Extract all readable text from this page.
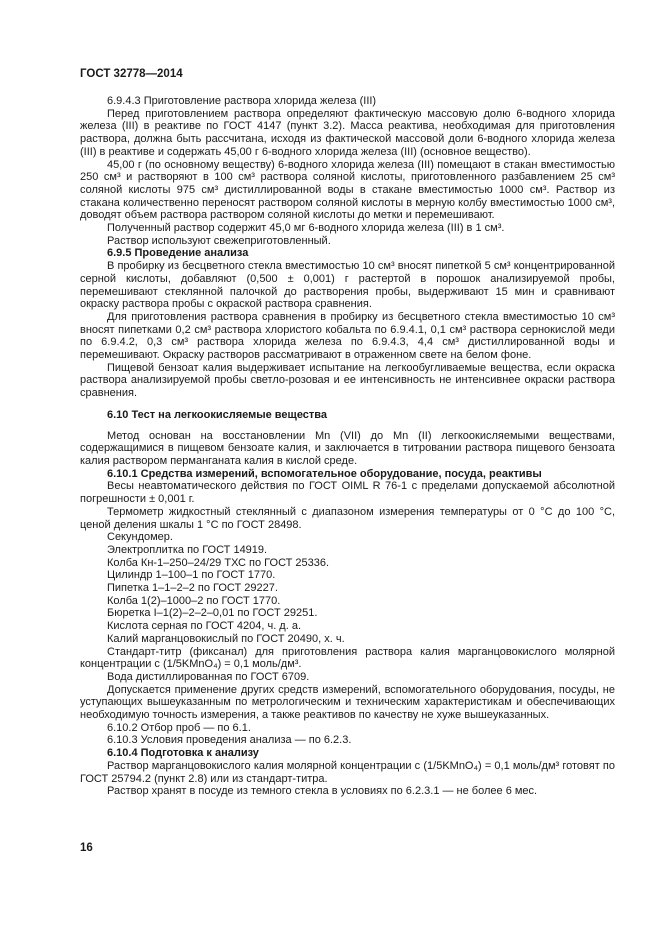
ГОСТ 32778—2014

6.9.4.3 Приготовление раствора хлорида железа (III)

Перед приготовлением раствора определяют фактическую массовую долю 6-водного хлорида железа (III) в реактиве по ГОСТ 4147 (пункт 3.2). Масса реактива, необходимая для приготовления раствора, должна быть рассчитана, исходя из фактической массовой доли 6-водного хлорида железа (III) в реактиве и содержать 45,00 г 6-водного хлорида железа (III) (основное вещество).

45,00 г (по основному веществу) 6-водного хлорида железа (III) помещают в стакан вместимостью 250 см³ и растворяют в 100 см³ раствора соляной кислоты, приготовленного разбавлением 25 см³ соляной кислоты 975 см³ дистиллированной воды в стакане вместимостью 1000 см³. Раствор из стакана количественно переносят раствором соляной кислоты в мерную колбу вместимостью 1000 см³, доводят объем раствора раствором соляной кислоты до метки и перемешивают.

Полученный раствор содержит 45,0 мг 6-водного хлорида железа (III) в 1 см³.

Раствор используют свежеприготовленный.

6.9.5 Проведение анализа

В пробирку из бесцветного стекла вместимостью 10 см³ вносят пипеткой 5 см³ концентрированной серной кислоты, добавляют (0,500 ± 0,001) г растертой в порошок анализируемой пробы, перемешивают стеклянной палочкой до растворения пробы, выдерживают 15 мин и сравнивают окраску раствора пробы с окраской раствора сравнения.

Для приготовления раствора сравнения в пробирку из бесцветного стекла вместимостью 10 см³ вносят пипетками 0,2 см³ раствора хлористого кобальта по 6.9.4.1, 0,1 см³ раствора сернокислой меди по 6.9.4.2, 0,3 см³ раствора хлорида железа по 6.9.4.3, 4,4 см³ дистиллированной воды и перемешивают. Окраску растворов рассматривают в отраженном свете на белом фоне.

Пищевой бензоат калия выдерживает испытание на легкообугливаемые вещества, если окраска раствора анализируемой пробы светло-розовая и ее интенсивность не интенсивнее окраски раствора сравнения.

6.10 Тест на легкоокисляемые вещества

Метод основан на восстановлении Mn (VII) до Mn (II) легкоокисляемыми веществами, содержащимися в пищевом бензоате калия, и заключается в титровании раствора пищевого бензоата калия раствором перманганата калия в кислой среде.

6.10.1 Средства измерений, вспомогательное оборудование, посуда, реактивы

Весы неавтоматического действия по ГОСТ OIML R 76-1 с пределами допускаемой абсолютной погрешности ± 0,001 г.

Термометр жидкостный стеклянный с диапазоном измерения температуры от 0 °С до 100 °С, ценой деления шкалы 1 °С по ГОСТ 28498.

Секундомер.

Электроплитка по ГОСТ 14919.

Колба Кн-1–250–24/29 ТХС по ГОСТ 25336.

Цилиндр 1–100–1 по ГОСТ 1770.

Пипетка 1–1–2–2 по ГОСТ 29227.

Колба 1(2)–1000–2 по ГОСТ 1770.

Бюретка I–1(2)–2–2–0,01 по ГОСТ 29251.

Кислота серная по ГОСТ 4204, ч. д. а.

Калий марганцовокислый по ГОСТ 20490, х. ч.

Стандарт-титр (фиксанал) для приготовления раствора калия марганцовокислого молярной концентрации с (1/5KMnO₄) = 0,1 моль/дм³.

Вода дистиллированная по ГОСТ 6709.

Допускается применение других средств измерений, вспомогательного оборудования, посуды, не уступающих вышеуказанным по метрологическим и техническим характеристикам и обеспечивающих необходимую точность измерения, а также реактивов по качеству не хуже вышеуказанных.

6.10.2 Отбор проб — по 6.1.

6.10.3 Условия проведения анализа — по 6.2.3.

6.10.4 Подготовка к анализу

Раствор марганцовокислого калия молярной концентрации с (1/5KMnO₄) = 0,1 моль/дм³ готовят по ГОСТ 25794.2 (пункт 2.8) или из стандарт-титра.

Раствор хранят в посуде из темного стекла в условиях по 6.2.3.1 — не более 6 мес.

16
